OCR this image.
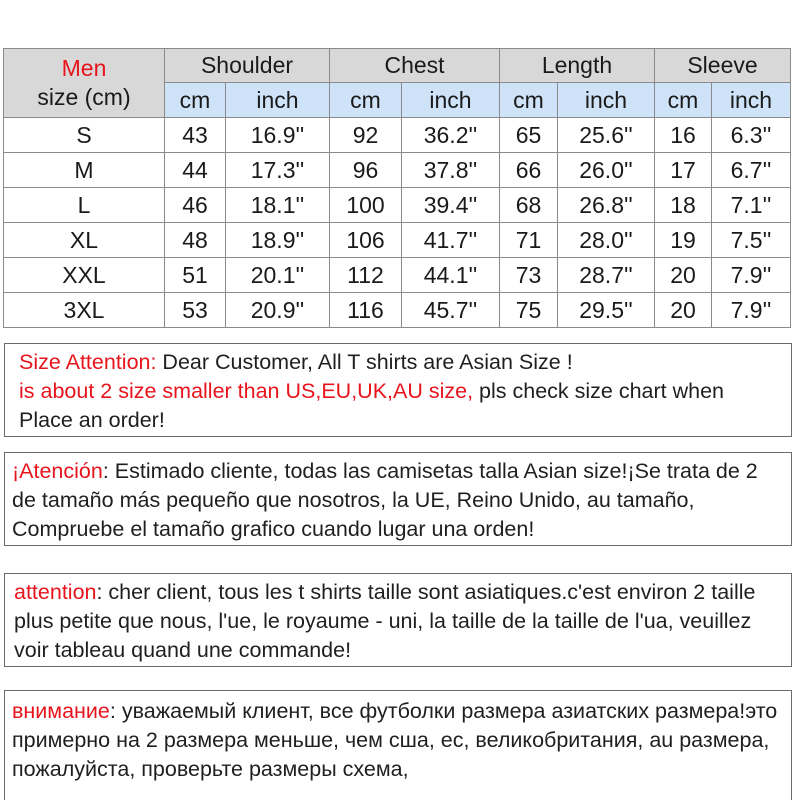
Men
size (cm)	Shoulder		Chest		Length		Sleeve	
	cm	inch	cm	inch	cm	inch	cm	inch
S	43	16.9''	92	36.2''	65	25.6''	16	6.3''
M	44	17.3''	96	37.8''	66	26.0''	17	6.7''
L	46	18.1''	100	39.4''	68	26.8''	18	7.1''
XL	48	18.9''	106	41.7''	71	28.0''	19	7.5''
XXL	51	20.1''	112	44.1''	73	28.7''	20	7.9''
3XL	53	20.9''	116	45.7''	75	29.5''	20	7.9''
Size Attention: Dear Customer, All T shirts are Asian Size !
is about 2 size smaller than US,EU,UK,AU size, pls check size chart when Place an order!
¡Atención: Estimado cliente, todas las camisetas talla Asian size!¡Se trata de 2 de tamaño más pequeño que nosotros, la UE, Reino Unido, au tamaño, Compruebe el tamaño grafico cuando lugar una orden!
attention: cher client, tous les t shirts taille sont asiatiques.c'est environ 2 taille plus petite que nous, l'ue, le royaume - uni, la taille de la taille de l'ua, veuillez voir tableau quand une commande!
внимание: уважаемый клиент, все футболки размера азиатских размера!это примерно на 2 размера меньше, чем сша, ес, великобритания, au размера, пожалуйста, проверьте размеры схема,
